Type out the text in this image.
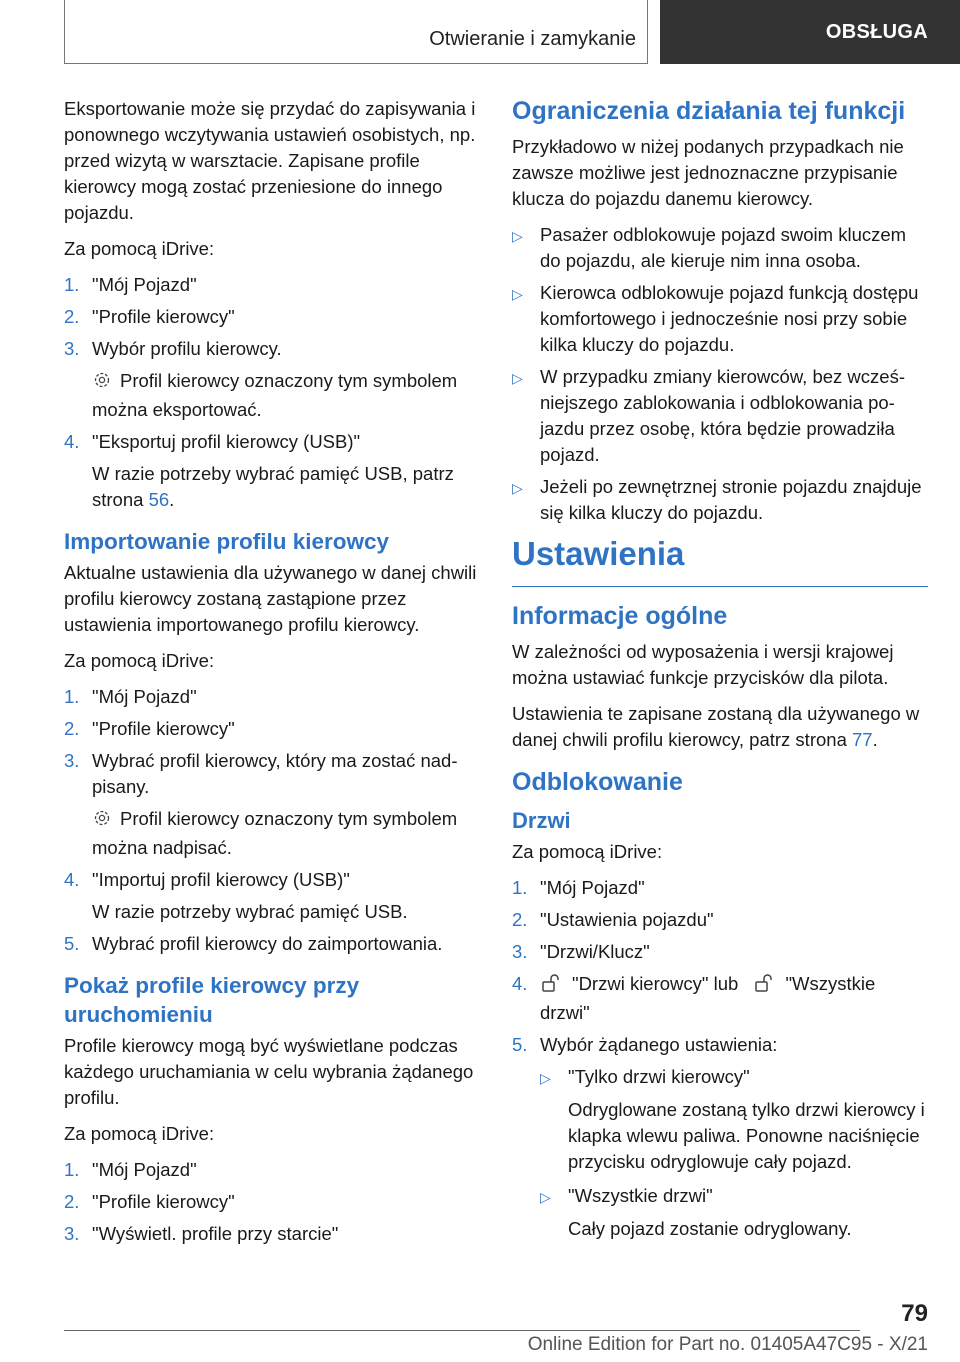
Otwieranie i zamykanie	OBSŁUGA

Eksportowanie może się przydać do zapisywania i ponownego wczytywania ustawień osobistych, np. przed wizytą w warsztacie. Zapisane profile kierowcy mogą zostać przeniesione do innego pojazdu.

Za pomocą iDrive:

1. "Mój Pojazd"
2. "Profile kierowcy"
3. Wybór profilu kierowcy.
Profil kierowcy oznaczony tym symbolem można eksportować.
4. "Eksportuj profil kierowcy (USB)"
W razie potrzeby wybrać pamięć USB, patrz strona 56.
Importowanie profilu kierowcy

Aktualne ustawienia dla używanego w danej chwili profilu kierowcy zostaną zastąpione przez ustawienia importowanego profilu kierowcy.

Za pomocą iDrive:

1. "Mój Pojazd"
2. "Profile kierowcy"
3. Wybrać profil kierowcy, który ma zostać nadpisany.
Profil kierowcy oznaczony tym symbolem można nadpisać.
4. "Importuj profil kierowcy (USB)"
W razie potrzeby wybrać pamięć USB.
5. Wybrać profil kierowcy do zaimportowania.
Pokaż profile kierowcy przy uruchomieniu

Profile kierowcy mogą być wyświetlane podczas każdego uruchamiania w celu wybrania żądanego profilu.

Za pomocą iDrive:

1. "Mój Pojazd"
2. "Profile kierowcy"
3. "Wyświetl. profile przy starcie"
Ograniczenia działania tej funkcji

Przykładowo w niżej podanych przypadkach nie zawsze możliwe jest jednoznaczne przypisanie klucza do pojazdu danemu kierowcy.

▷ Pasażer odblokowuje pojazd swoim kluczem do pojazdu, ale kieruje nim inna osoba.
▷ Kierowca odblokowuje pojazd funkcją dostępu komfortowego i jednocześnie nosi przy sobie kilka kluczy do pojazdu.
▷ W przypadku zmiany kierowców, bez wcześniejszego zablokowania i odblokowania pojazdu przez osobę, która będzie prowadziła pojazd.
▷ Jeżeli po zewnętrznej stronie pojazdu znajduje się kilka kluczy do pojazdu.
Ustawienia
Informacje ogólne

W zależności od wyposażenia i wersji krajowej można ustawiać funkcje przycisków dla pilota.

Ustawienia te zapisane zostaną dla używanego w danej chwili profilu kierowcy, patrz strona 77.

Odblokowanie
Drzwi

Za pomocą iDrive:

1. "Mój Pojazd"
2. "Ustawienia pojazdu"
3. "Drzwi/Klucz"
4.	"Drzwi kierowcy" lub	"Wszystkie drzwi"
5. Wybór żądanego ustawienia:
▷ "Tylko drzwi kierowcy"
Odryglowane zostaną tylko drzwi kierowcy i klapka wlewu paliwa. Ponowne naciśnięcie przycisku odryglowuje cały pojazd.
▷ "Wszystkie drzwi"
Cały pojazd zostanie odryglowany.
79
Online Edition for Part no. 01405A47C95 - X/21
